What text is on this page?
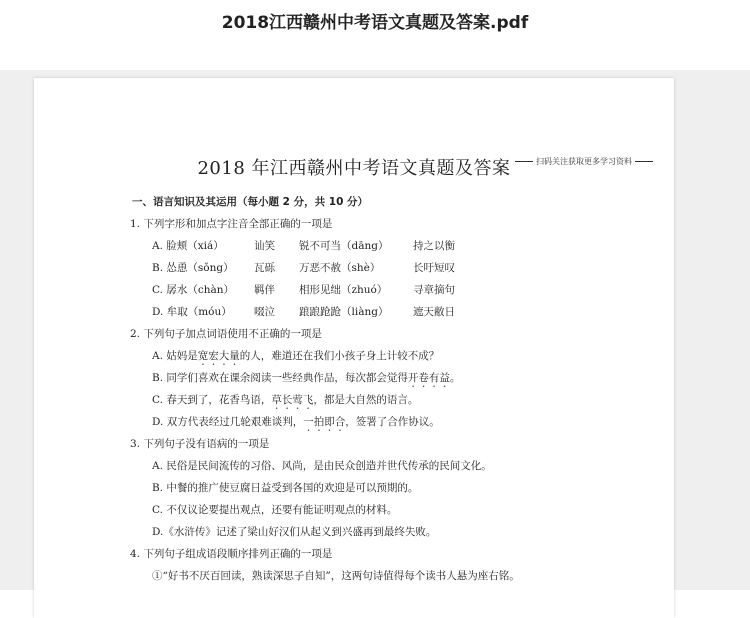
2018江西赣州中考语文真题及答案.pdf
2018 年江西赣州中考语文真题及答案	扫码关注获取更多学习资料
一、语言知识及其运用（每小题 2 分，共 10 分）
1. 下列字形和加点字注音全部正确的一项是
A. 脸颊（xiá）	讪笑	锐不可当（dāng）	持之以衡
B. 怂恿（sǒng）	瓦砾	万恶不赦（shè）	长吁短叹
C. 孱水（chàn）	羁伴	相形见绌（zhuó）	寻章摘句
D. 牟取（móu）	啜泣	踉踉跄跄（liàng）	遮天敝日
2. 下列句子加点词语使用不正确的一项是
A. 姑妈是宽宏大量的人，难道还在我们小孩子身上计较不成？
B. 同学们喜欢在课余阅读一些经典作品，每次都会觉得开卷有益。
C. 春天到了，花香鸟语，草长莺飞，都是大自然的语言。
D. 双方代表经过几轮艰难谈判，一拍即合，签署了合作协议。
3. 下列句子没有语病的一项是
A. 民俗是民间流传的习俗、风尚，是由民众创造并世代传承的民间文化。
B. 中餐的推广使豆腐日益受到各国的欢迎是可以预期的。
C. 不仅议论要提出观点，还要有能证明观点的材料。
D.《水浒传》记述了梁山好汉们从起义到兴盛再到最终失败。
4. 下列句子组成语段顺序排列正确的一项是
①“好书不厌百回读，熟读深思子自知”，这两句诗值得每个读书人悬为座右铭。
